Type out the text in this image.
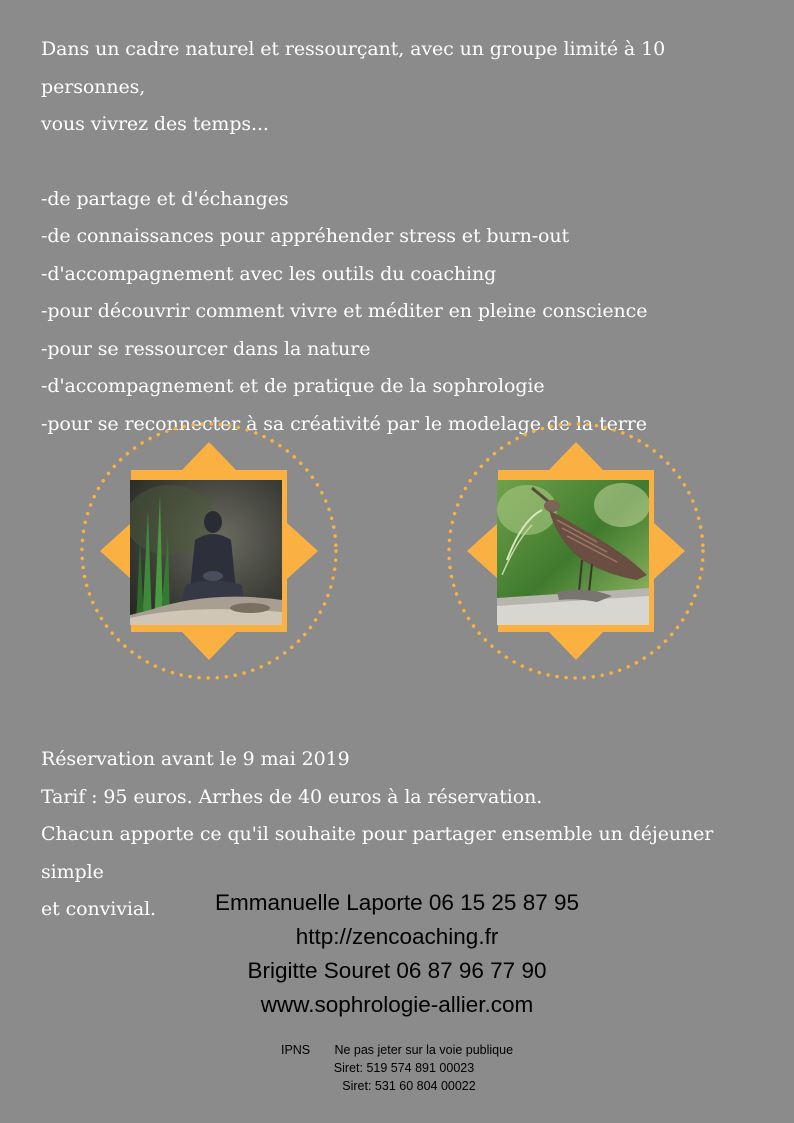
Dans un cadre naturel et ressourçant, avec un groupe limité à 10 personnes,

vous vivrez des temps...

-de partage et d'échanges

-de connaissances pour appréhender stress et burn-out

-d'accompagnement avec les outils du coaching

-pour découvrir comment vivre et méditer en pleine conscience

-pour se ressourcer dans la nature

-d'accompagnement et de pratique de la sophrologie

-pour se reconnecter à sa créativité par le modelage de la terre

Réservation avant le 9 mai 2019

Tarif : 95 euros. Arrhes de 40 euros à la réservation.

Chacun apporte ce qu'il souhaite pour partager ensemble un déjeuner simple

et convivial.	Emmanuelle Laporte 06 15 25 87 95
http://zencoaching.fr
Brigitte Souret 06 87 96 77 90
www.sophrologie-allier.com
IPNS       Ne pas jeter sur la voie publique
Siret: 519 574 891 00023
Siret: 531 60 804 00022
